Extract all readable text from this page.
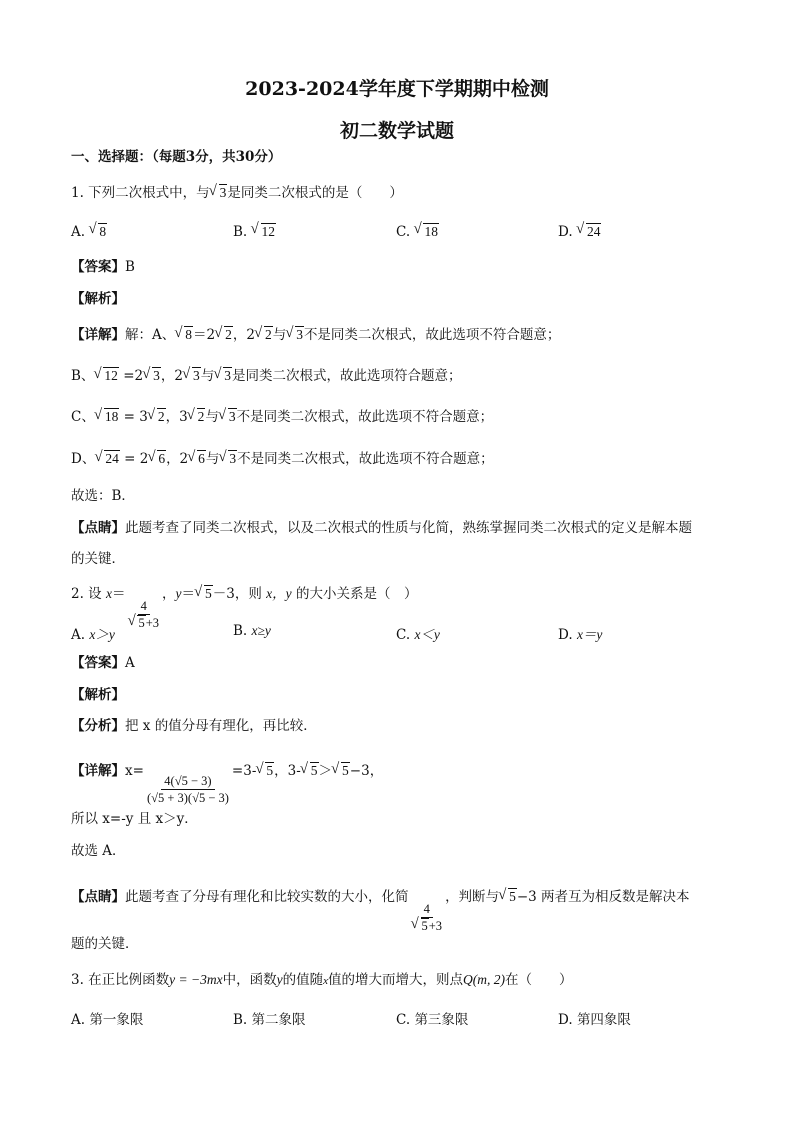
2023-2024学年度下学期期中检测
初二数学试题
一、选择题：（每题3分，共30分）
1. 下列二次根式中，与 √ 3是同类二次根式的是（　　）
A. √ 8	B. √ 12	C. √ 18	D. √ 24
【答案】B
【解析】
【详解】解：A、 √ 8＝2 √ 2，2 √ 2与 √ 3不是同类二次根式，故此选项不符合题意；
B、 √ 12 =2 √ 3，2 √ 3与 √ 3是同类二次根式，故此选项符合题意；
C、 √ 18 = 3 √ 2，3 √ 2与 √ 3不是同类二次根式，故此选项不符合题意；
D、 √ 24 = 2 √ 6，2 √ 6与 √ 3不是同类二次根式，故此选项不符合题意；
故选：B．
【点睛】此题考查了同类二次根式，以及二次根式的性质与化简，熟练掌握同类二次根式的定义是解本题
的关键．
2. 设 x＝
4
√ 5+3
，y＝ √ 5－3，则 x，y 的大小关系是（　）
A. x＞y	B. x≥y	C. x＜y	D. x＝y
【答案】A
【解析】
【分析】把 x 的值分母有理化，再比较．
【详解】x=
$\frac{4(√5 - 3)}{(√5 + 3)(√5 - 3)}$
=3- √ 5，3- √ 5＞ √ 5−3，
所以 x=-y 且 x＞y．
故选 A．
【点睛】此题考查了分母有理化和比较实数的大小，化简
4
√ 5+3
，判断与 √ 5−3 两者互为相反数是解决本
题的关键．
3. 在正比例函数y = −3mx中，函数y的值随x值的增大而增大，则点Q(m, 2)在（　　）
A. 第一象限	B. 第二象限	C. 第三象限	D. 第四象限
